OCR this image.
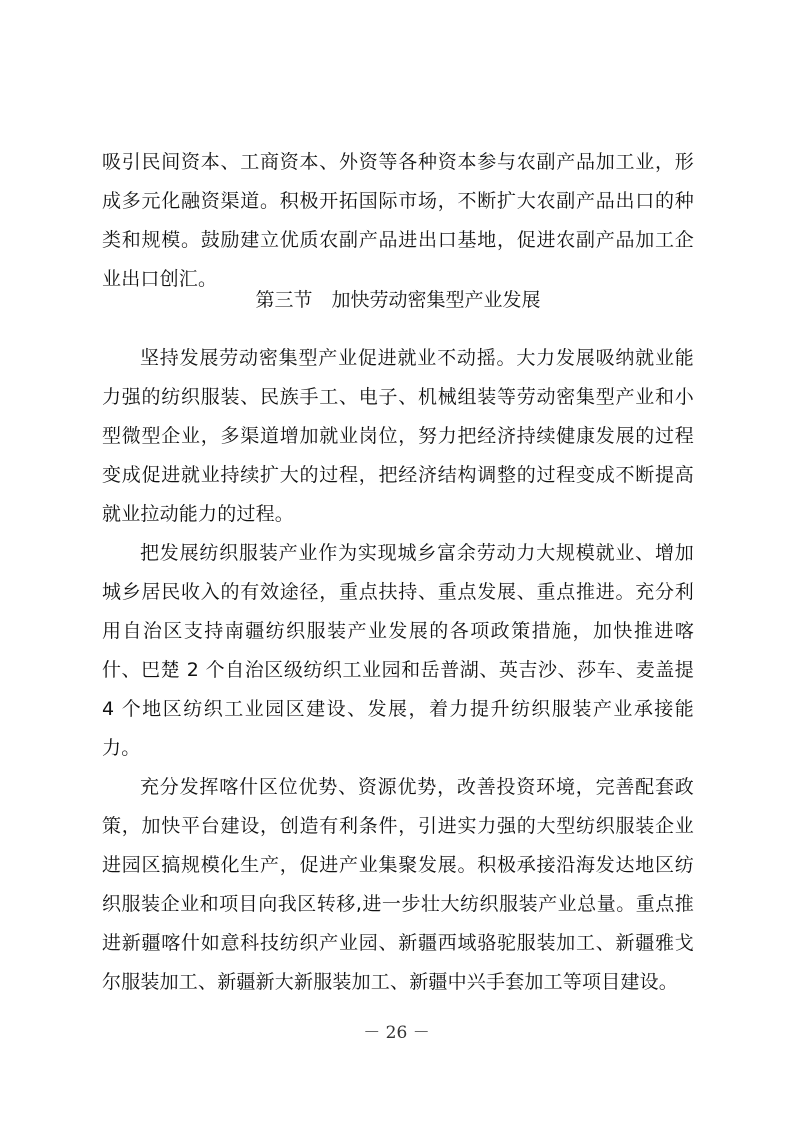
吸引民间资本、工商资本、外资等各种资本参与农副产品加工业，形成多元化融资渠道。积极开拓国际市场，不断扩大农副产品出口的种类和规模。鼓励建立优质农副产品进出口基地，促进农副产品加工企业出口创汇。

第三节　加快劳动密集型产业发展

坚持发展劳动密集型产业促进就业不动摇。大力发展吸纳就业能力强的纺织服装、民族手工、电子、机械组装等劳动密集型产业和小型微型企业，多渠道增加就业岗位，努力把经济持续健康发展的过程变成促进就业持续扩大的过程，把经济结构调整的过程变成不断提高就业拉动能力的过程。

把发展纺织服装产业作为实现城乡富余劳动力大规模就业、增加城乡居民收入的有效途径，重点扶持、重点发展、重点推进。充分利用自治区支持南疆纺织服装产业发展的各项政策措施，加快推进喀什、巴楚 2 个自治区级纺织工业园和岳普湖、英吉沙、莎车、麦盖提 4 个地区纺织工业园区建设、发展，着力提升纺织服装产业承接能力。

充分发挥喀什区位优势、资源优势，改善投资环境，完善配套政策，加快平台建设，创造有利条件，引进实力强的大型纺织服装企业进园区搞规模化生产，促进产业集聚发展。积极承接沿海发达地区纺织服装企业和项目向我区转移,进一步壮大纺织服装产业总量。重点推进新疆喀什如意科技纺织产业园、新疆西域骆驼服装加工、新疆雅戈尔服装加工、新疆新大新服装加工、新疆中兴手套加工等项目建设。

－ 26 －
